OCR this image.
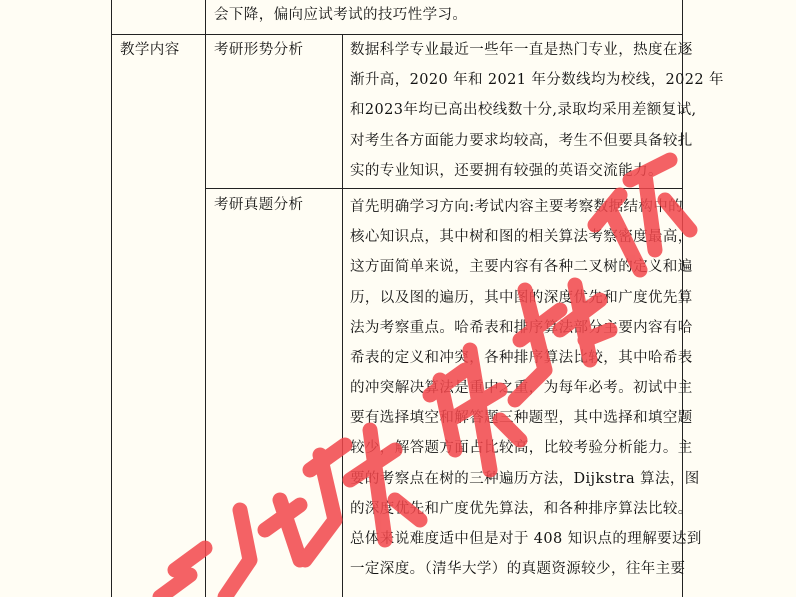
会下降，偏向应试考试的技巧性学习。
教学内容 考研形势分析	数据科学专业最近一些年一直是热门专业，热度在逐
渐升高，2020 年和 2021 年分数线均为校线，2022 年
和2023年均已高出校线数十分,录取均采用差额复试,
对考生各方面能力要求均较高，考生不但要具备较扎
实的专业知识，还要拥有较强的英语交流能力。
考研真题分析	首先明确学习方向:考试内容主要考察数据结构中的
核心知识点，其中树和图的相关算法考察密度最高，
这方面简单来说，主要内容有各种二叉树的定义和遍
历，以及图的遍历，其中图的深度优先和广度优先算
法为考察重点。哈希表和排序算法部分主要内容有哈
希表的定义和冲突，各种排序算法比较，其中哈希表
的冲突解决算法是重中之重，为每年必考。初试中主
要有选择填空和解答题三种题型，其中选择和填空题
较少，解答题方面占比较高，比较考验分析能力。主
要的考察点在树的三种遍历方法，Dijkstra 算法，图
的深度优先和广度优先算法，和各种排序算法比较。
总体来说难度适中但是对于 408 知识点的理解要达到
一定深度。（清华大学）的真题资源较少，往年主要
